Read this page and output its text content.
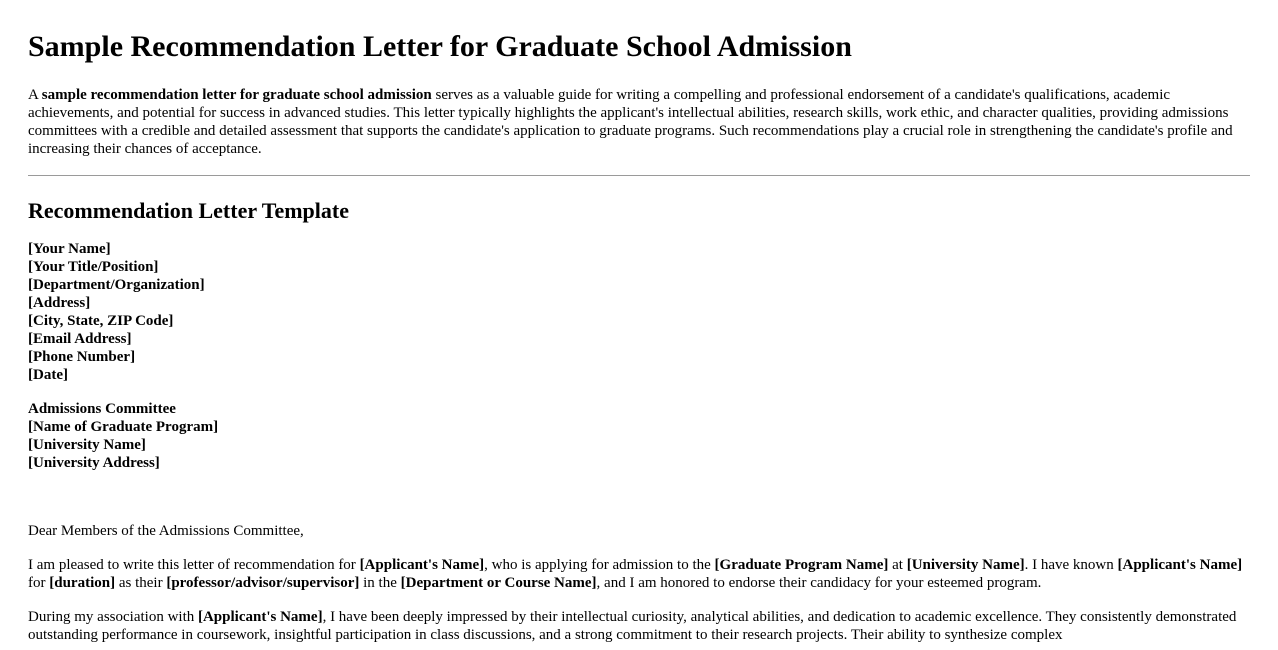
Sample Recommendation Letter for Graduate School Admission

A sample recommendation letter for graduate school admission serves as a valuable guide for writing a compelling and professional endorsement of a candidate's qualifications, academic achievements, and potential for success in advanced studies. This letter typically highlights the applicant's intellectual abilities, research skills, work ethic, and character qualities, providing admissions committees with a credible and detailed assessment that supports the candidate's application to graduate programs. Such recommendations play a crucial role in strengthening the candidate's profile and increasing their chances of acceptance.

Recommendation Letter Template
[Your Name]
[Your Title/Position]
[Department/Organization]
[Address]
[City, State, ZIP Code]
[Email Address]
[Phone Number]
[Date]
Admissions Committee
[Name of Graduate Program]
[University Name]
[University Address]

Dear Members of the Admissions Committee,

I am pleased to write this letter of recommendation for [Applicant's Name], who is applying for admission to the [Graduate Program Name] at [University Name]. I have known [Applicant's Name] for [duration] as their [professor/advisor/supervisor] in the [Department or Course Name], and I am honored to endorse their candidacy for your esteemed program.

During my association with [Applicant's Name], I have been deeply impressed by their intellectual curiosity, analytical abilities, and dedication to academic excellence. They consistently demonstrated outstanding performance in coursework, insightful participation in class discussions, and a strong commitment to their research projects. Their ability to synthesize complex
